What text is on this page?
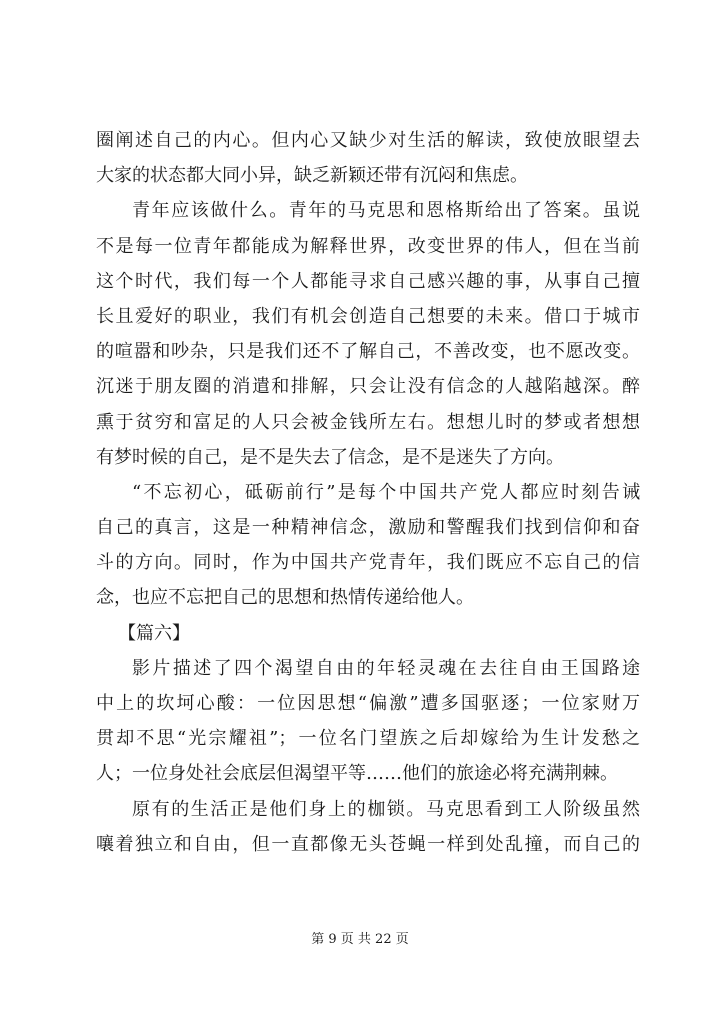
圈阐述自己的内心。但内心又缺少对生活的解读，致使放眼望去
大家的状态都大同小异，缺乏新颖还带有沉闷和焦虑。
青年应该做什么。青年的马克思和恩格斯给出了答案。虽说
不是每一位青年都能成为解释世界，改变世界的伟人，但在当前
这个时代，我们每一个人都能寻求自己感兴趣的事，从事自己擅
长且爱好的职业，我们有机会创造自己想要的未来。借口于城市
的喧嚣和吵杂，只是我们还不了解自己，不善改变，也不愿改变。
沉迷于朋友圈的消遣和排解，只会让没有信念的人越陷越深。醉
熏于贫穷和富足的人只会被金钱所左右。想想儿时的梦或者想想
有梦时候的自己，是不是失去了信念，是不是迷失了方向。
“不忘初心，砥砺前行”是每个中国共产党人都应时刻告诫
自己的真言，这是一种精神信念，激励和警醒我们找到信仰和奋
斗的方向。同时，作为中国共产党青年，我们既应不忘自己的信
念，也应不忘把自己的思想和热情传递给他人。
【篇六】
影片描述了四个渴望自由的年轻灵魂在去往自由王国路途
中上的坎坷心酸：一位因思想“偏激”遭多国驱逐；一位家财万
贯却不思“光宗耀祖”；一位名门望族之后却嫁给为生计发愁之
人；一位身处社会底层但渴望平等……他们的旅途必将充满荆棘。
原有的生活正是他们身上的枷锁。马克思看到工人阶级虽然
嚷着独立和自由，但一直都像无头苍蝇一样到处乱撞，而自己的
第 9 页 共 22 页
